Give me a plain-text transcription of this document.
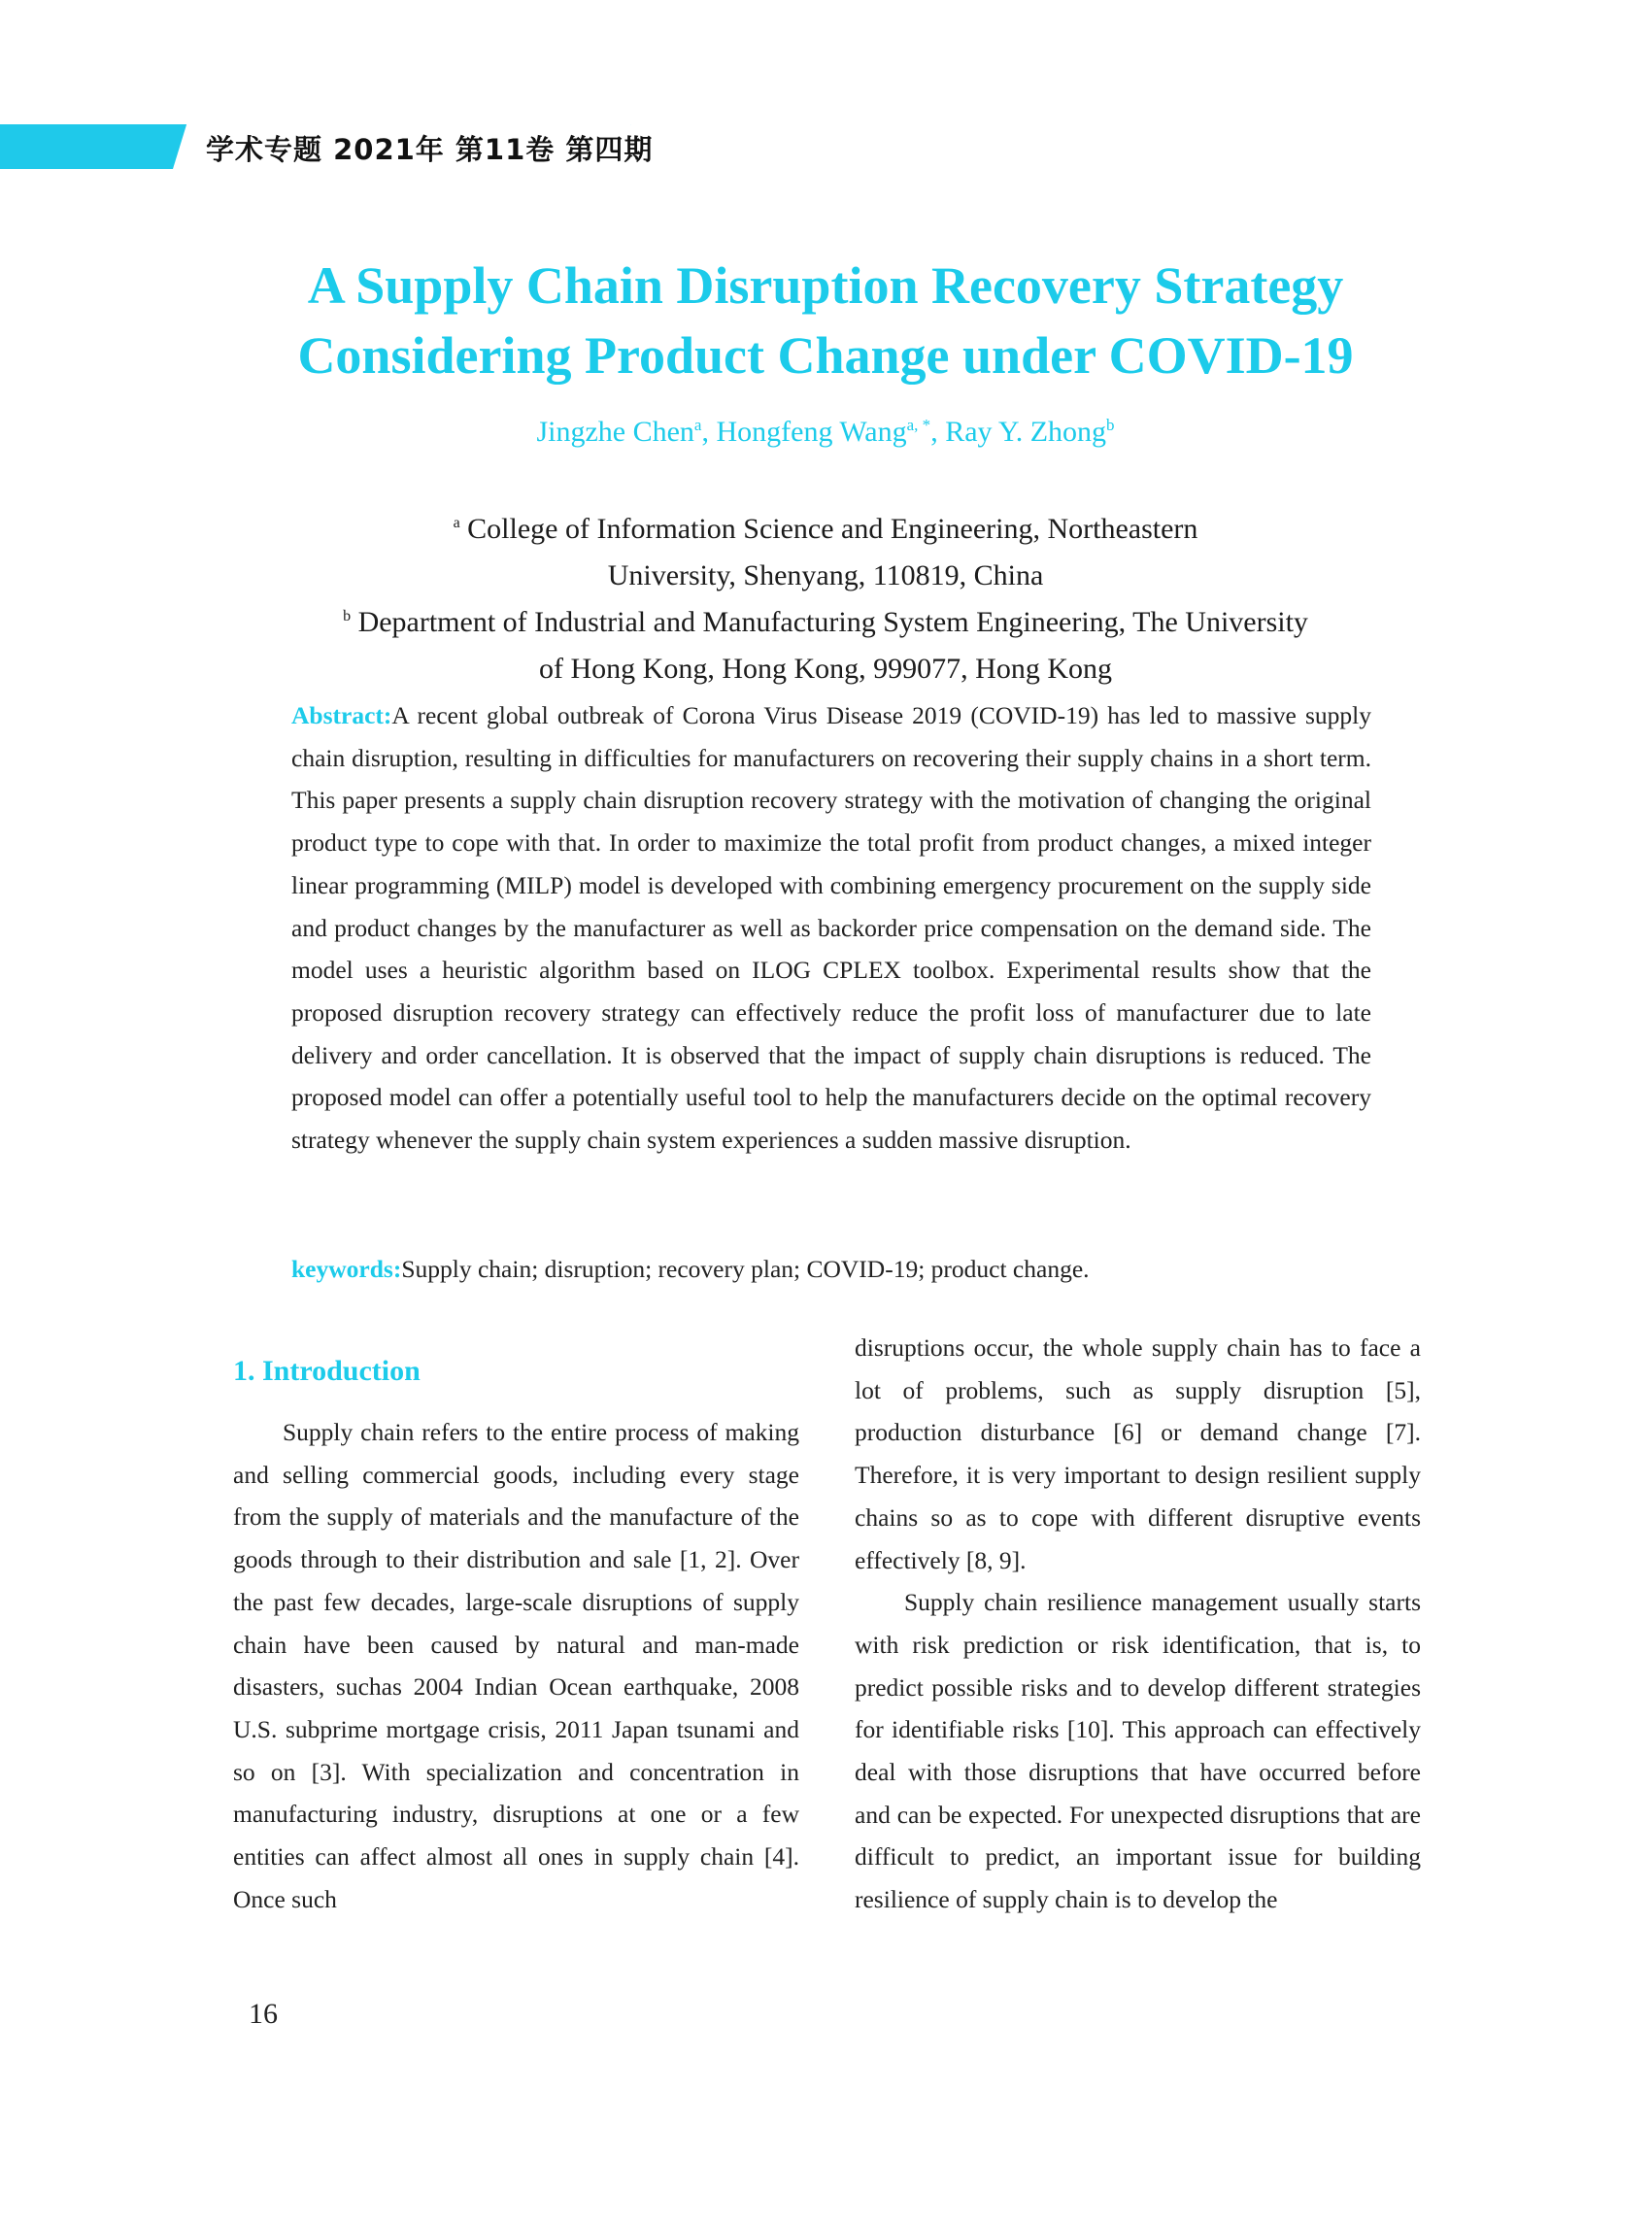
学术专题 2021年 第11卷 第四期
A Supply Chain Disruption Recovery Strategy
Considering Product Change under COVID-19

Jingzhe Chen$^a$, Hongfeng Wang$^{a, *}$, Ray Y. Zhong$^b$

$^a$ College of Information Science and Engineering, Northeastern
University, Shenyang, 110819, China

$^b$ Department of Industrial and Manufacturing System Engineering, The University
of Hong Kong, Hong Kong, 999077, Hong Kong

Abstract:A recent global outbreak of Corona Virus Disease 2019 (COVID-19) has led to massive supply chain disruption, resulting in difficulties for manufacturers on recovering their supply chains in a short term. This paper presents a supply chain disruption recovery strategy with the motivation of changing the original product type to cope with that. In order to maximize the total profit from product changes, a mixed integer linear programming (MILP) model is developed with combining emergency procurement on the supply side and product changes by the manufacturer as well as backorder price compensation on the demand side. The model uses a heuristic algorithm based on ILOG CPLEX toolbox. Experimental results show that the proposed disruption recovery strategy can effectively reduce the profit loss of manufacturer due to late delivery and order cancellation. It is observed that the impact of supply chain disruptions is reduced. The proposed model can offer a potentially useful tool to help the manufacturers decide on the optimal recovery strategy whenever the supply chain system experiences a sudden massive disruption.

keywords:Supply chain; disruption; recovery plan; COVID-19; product change.

1. Introduction

Supply chain refers to the entire process of making and selling commercial goods, including every stage from the supply of materials and the manufacture of the goods through to their distribution and sale [1, 2]. Over the past few decades, large-scale disruptions of supply chain have been caused by natural and man-made disasters, suchas 2004 Indian Ocean earthquake, 2008 U.S. subprime mortgage crisis, 2011 Japan tsunami and so on [3]. With specialization and concentration in manufacturing industry, disruptions at one or a few entities can affect almost all ones in supply chain [4]. Once such

disruptions occur, the whole supply chain has to face a lot of problems, such as supply disruption [5], production disturbance [6] or demand change [7]. Therefore, it is very important to design resilient supply chains so as to cope with different disruptive events effectively [8, 9].

Supply chain resilience management usually starts with risk prediction or risk identification, that is, to predict possible risks and to develop different strategies for identifiable risks [10]. This approach can effectively deal with those disruptions that have occurred before and can be expected. For unexpected disruptions that are difficult to predict, an important issue for building resilience of supply chain is to develop the

16
